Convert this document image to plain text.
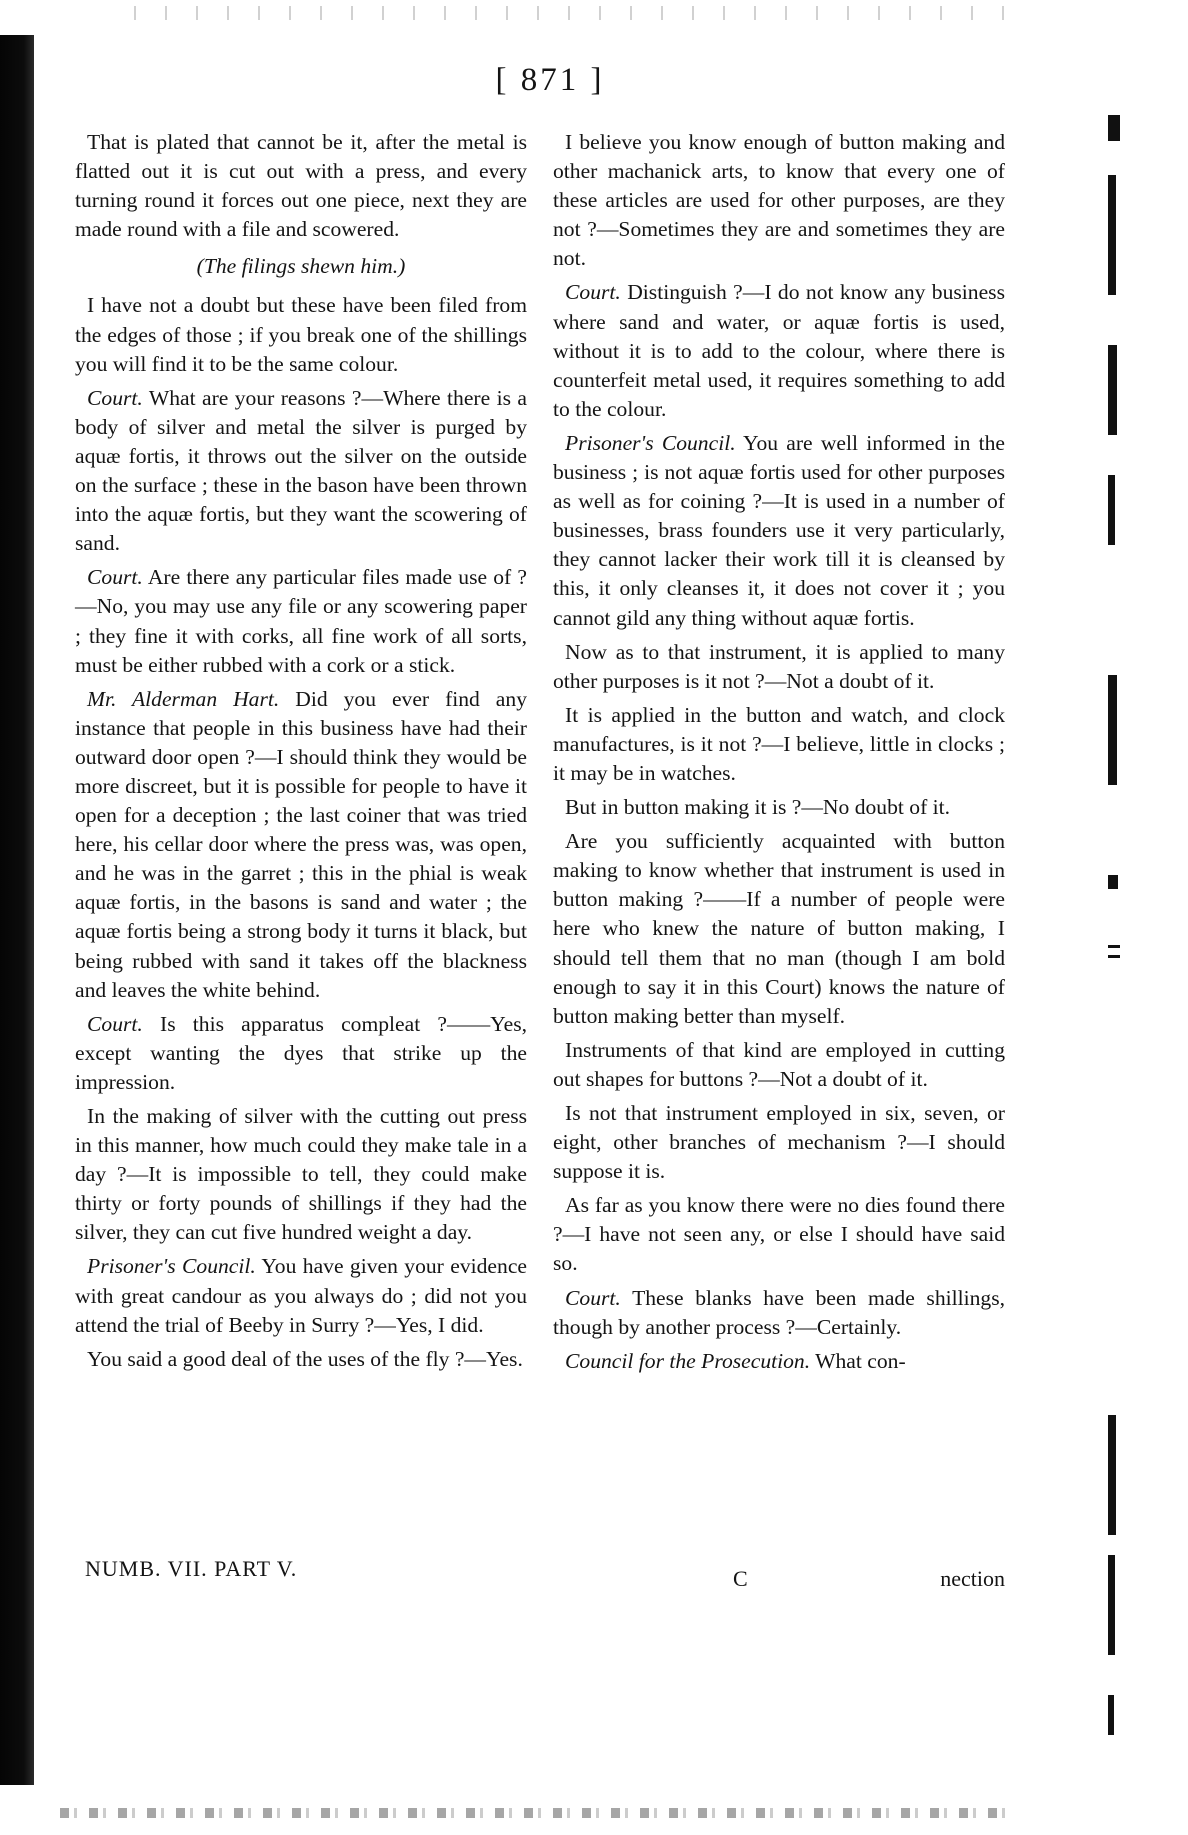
[ 871 ]

That is plated that cannot be it, after the metal is flatted out it is cut out with a press, and every turning round it forces out one piece, next they are made round with a file and scowered.

(The filings shewn him.)

I have not a doubt but these have been filed from the edges of those ; if you break one of the shillings you will find it to be the same colour.

Court. What are your reasons ?—Where there is a body of silver and metal the silver is purged by aquæ fortis, it throws out the silver on the outside on the surface ; these in the bason have been thrown into the aquæ fortis, but they want the scowering of sand.

Court. Are there any particular files made use of ?—No, you may use any file or any scowering paper ; they fine it with corks, all fine work of all sorts, must be either rubbed with a cork or a stick.

Mr. Alderman Hart. Did you ever find any instance that people in this business have had their outward door open ?—I should think they would be more discreet, but it is possible for people to have it open for a deception ; the last coiner that was tried here, his cellar door where the press was, was open, and he was in the garret ; this in the phial is weak aquæ fortis, in the basons is sand and water ; the aquæ fortis being a strong body it turns it black, but being rubbed with sand it takes off the blackness and leaves the white behind.

Court. Is this apparatus compleat ?——Yes, except wanting the dyes that strike up the impression.

In the making of silver with the cutting out press in this manner, how much could they make tale in a day ?—It is impossible to tell, they could make thirty or forty pounds of shillings if they had the silver, they can cut five hundred weight a day.

Prisoner's Council. You have given your evidence with great candour as you always do ; did not you attend the trial of Beeby in Surry ?—Yes, I did.

You said a good deal of the uses of the fly ?—Yes.

I believe you know enough of button making and other machanick arts, to know that every one of these articles are used for other purposes, are they not ?—Sometimes they are and sometimes they are not.

Court. Distinguish ?—I do not know any business where sand and water, or aquæ fortis is used, without it is to add to the colour, where there is counterfeit metal used, it requires something to add to the colour.

Prisoner's Council. You are well informed in the business ; is not aquæ fortis used for other purposes as well as for coining ?—It is used in a number of businesses, brass founders use it very particularly, they cannot lacker their work till it is cleansed by this, it only cleanses it, it does not cover it ; you cannot gild any thing without aquæ fortis.

Now as to that instrument, it is applied to many other purposes is it not ?—Not a doubt of it.

It is applied in the button and watch, and clock manufactures, is it not ?—I believe, little in clocks ; it may be in watches.

But in button making it is ?—No doubt of it.

Are you sufficiently acquainted with button making to know whether that instrument is used in button making ?——If a number of people were here who knew the nature of button making, I should tell them that no man (though I am bold enough to say it in this Court) knows the nature of button making better than myself.

Instruments of that kind are employed in cutting out shapes for buttons ?—Not a doubt of it.

Is not that instrument employed in six, seven, or eight, other branches of mechanism ?—I should suppose it is.

As far as you know there were no dies found there ?—I have not seen any, or else I should have said so.

Court. These blanks have been made shillings, though by another process ?—Certainly.

Council for the Prosecution. What con-

NUMB. VII. PART V.	C	nection
